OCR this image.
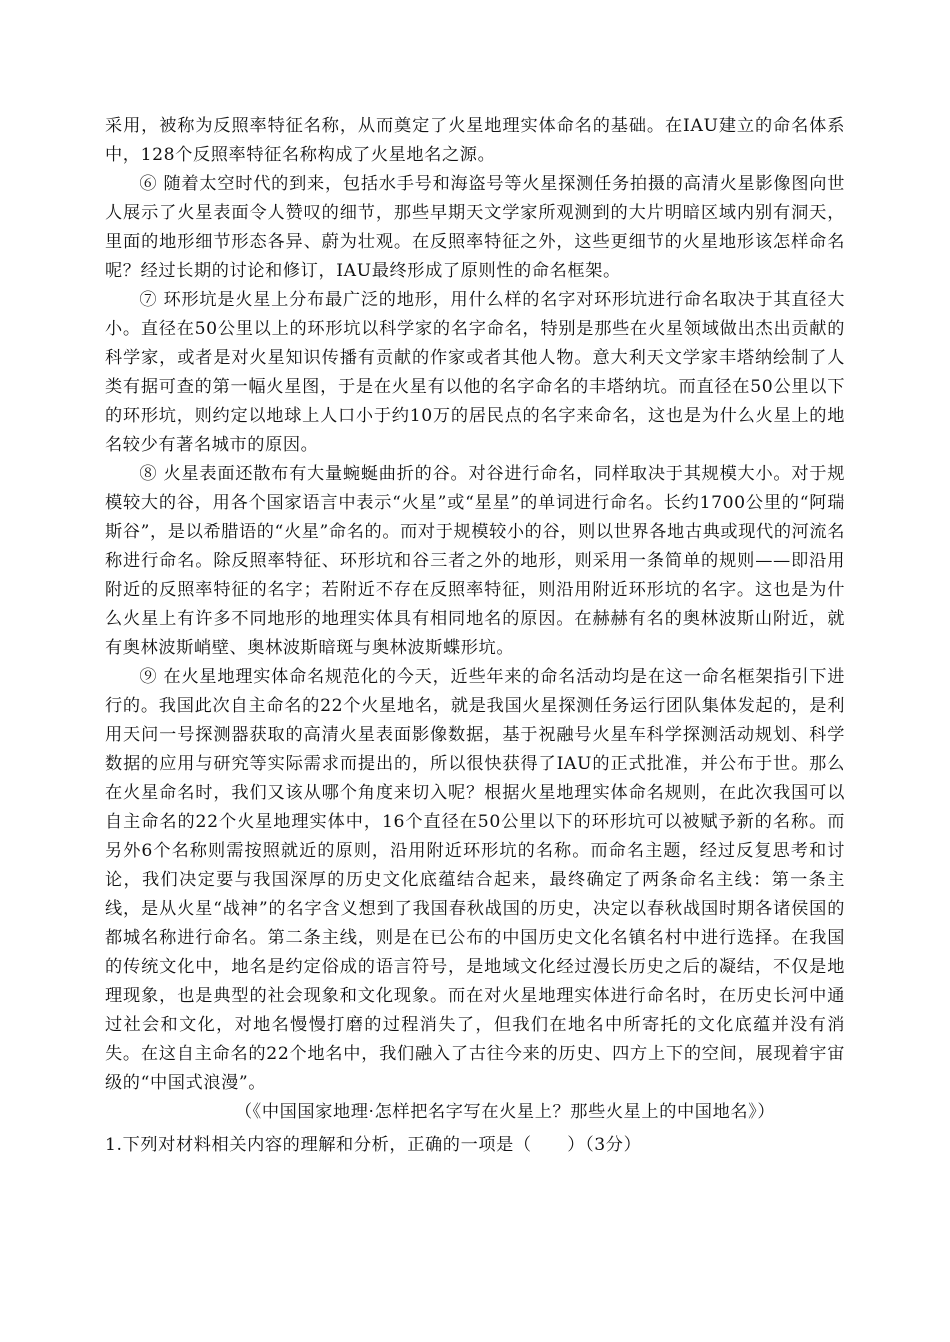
采用，被称为反照率特征名称，从而奠定了火星地理实体命名的基础。在IAU建立的命名体系中，128个反照率特征名称构成了火星地名之源。

⑥ 随着太空时代的到来，包括水手号和海盗号等火星探测任务拍摄的高清火星影像图向世人展示了火星表面令人赞叹的细节，那些早期天文学家所观测到的大片明暗区域内别有洞天，里面的地形细节形态各异、蔚为壮观。在反照率特征之外，这些更细节的火星地形该怎样命名呢？经过长期的讨论和修订，IAU最终形成了原则性的命名框架。

⑦ 环形坑是火星上分布最广泛的地形，用什么样的名字对环形坑进行命名取决于其直径大小。直径在50公里以上的环形坑以科学家的名字命名，特别是那些在火星领域做出杰出贡献的科学家，或者是对火星知识传播有贡献的作家或者其他人物。意大利天文学家丰塔纳绘制了人类有据可查的第一幅火星图，于是在火星有以他的名字命名的丰塔纳坑。而直径在50公里以下的环形坑，则约定以地球上人口小于约10万的居民点的名字来命名，这也是为什么火星上的地名较少有著名城市的原因。

⑧ 火星表面还散布有大量蜿蜒曲折的谷。对谷进行命名，同样取决于其规模大小。对于规模较大的谷，用各个国家语言中表示“火星”或“星星”的单词进行命名。长约1700公里的“阿瑞斯谷”，是以希腊语的“火星”命名的。而对于规模较小的谷，则以世界各地古典或现代的河流名称进行命名。除反照率特征、环形坑和谷三者之外的地形，则采用一条简单的规则——即沿用附近的反照率特征的名字；若附近不存在反照率特征，则沿用附近环形坑的名字。这也是为什么火星上有许多不同地形的地理实体具有相同地名的原因。在赫赫有名的奥林波斯山附近，就有奥林波斯峭壁、奥林波斯暗斑与奥林波斯蝶形坑。

⑨ 在火星地理实体命名规范化的今天，近些年来的命名活动均是在这一命名框架指引下进行的。我国此次自主命名的22个火星地名，就是我国火星探测任务运行团队集体发起的，是利用天问一号探测器获取的高清火星表面影像数据，基于祝融号火星车科学探测活动规划、科学数据的应用与研究等实际需求而提出的，所以很快获得了IAU的正式批准，并公布于世。那么在火星命名时，我们又该从哪个角度来切入呢？根据火星地理实体命名规则，在此次我国可以自主命名的22个火星地理实体中，16个直径在50公里以下的环形坑可以被赋予新的名称。而另外6个名称则需按照就近的原则，沿用附近环形坑的名称。而命名主题，经过反复思考和讨论，我们决定要与我国深厚的历史文化底蕴结合起来，最终确定了两条命名主线：第一条主线，是从火星“战神”的名字含义想到了我国春秋战国的历史，决定以春秋战国时期各诸侯国的都城名称进行命名。第二条主线，则是在已公布的中国历史文化名镇名村中进行选择。在我国的传统文化中，地名是约定俗成的语言符号，是地域文化经过漫长历史之后的凝结，不仅是地理现象，也是典型的社会现象和文化现象。而在对火星地理实体进行命名时，在历史长河中通过社会和文化，对地名慢慢打磨的过程消失了，但我们在地名中所寄托的文化底蕴并没有消失。在这自主命名的22个地名中，我们融入了古往今来的历史、四方上下的空间，展现着宇宙级的“中国式浪漫”。

（《中国国家地理·怎样把名字写在火星上？那些火星上的中国地名》）

1.下列对材料相关内容的理解和分析，正确的一项是（　　）（3分）
